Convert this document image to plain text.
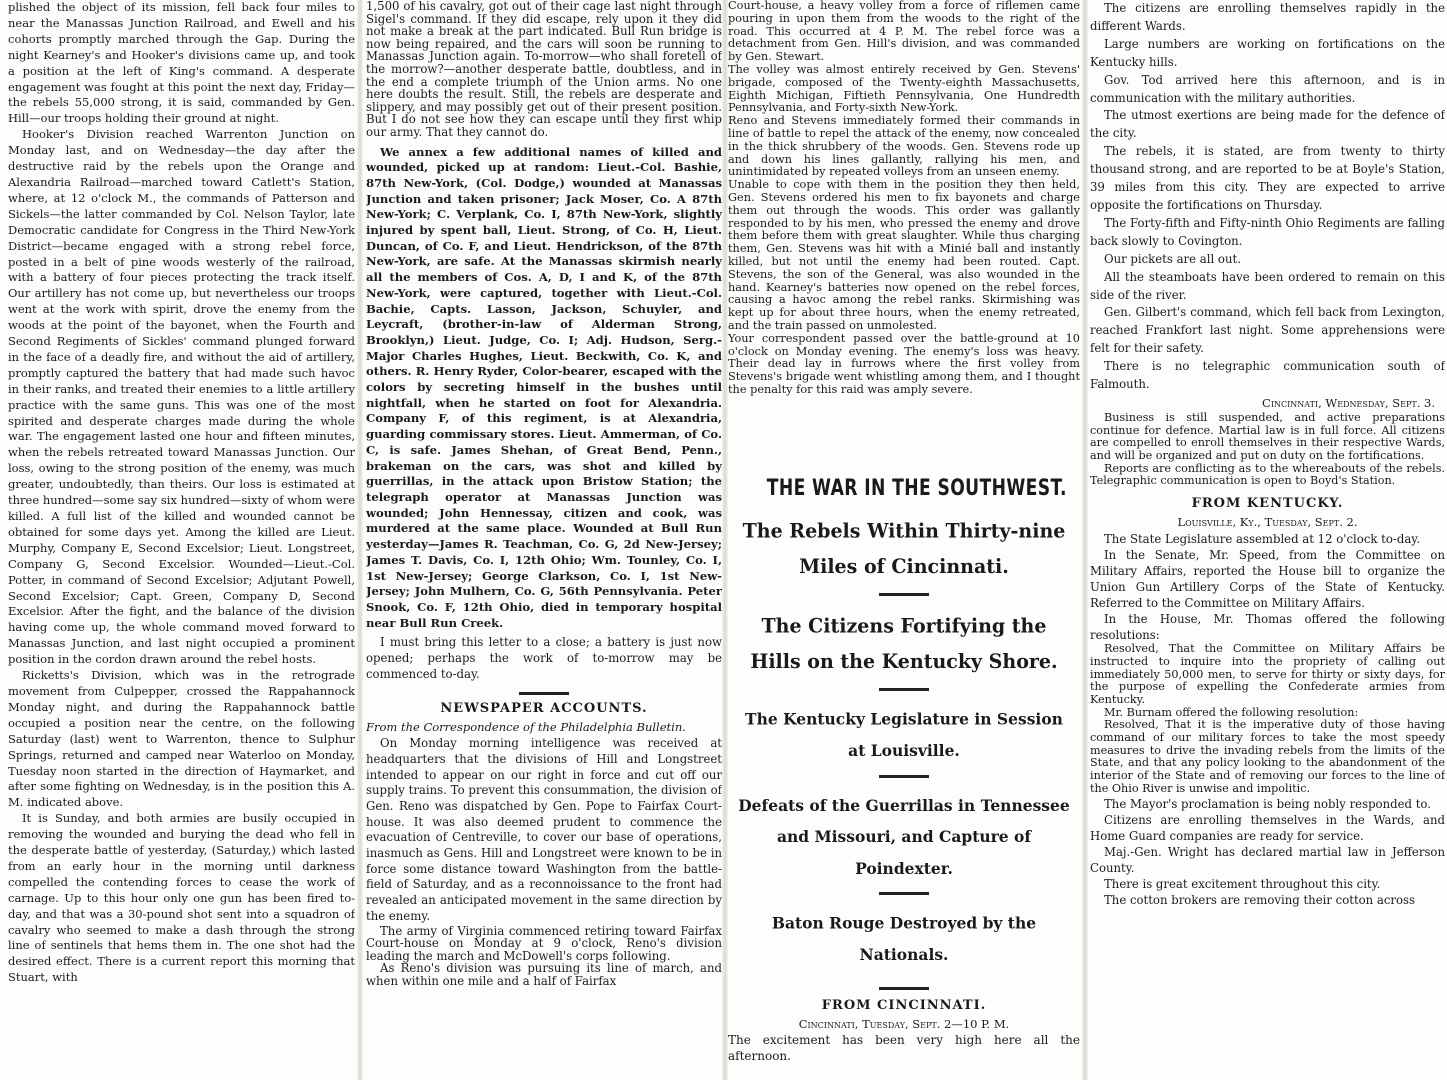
plished the object of its mission, fell back four miles to near the Manassas Junction Railroad, and Ewell and his cohorts promptly marched through the Gap. During the night Kearney's and Hooker's divisions came up, and took a position at the left of King's command. A desperate engagement was fought at this point the next day, Friday—the rebels 55,000 strong, it is said, commanded by Gen. Hill—our troops holding their ground at night.

Hooker's Division reached Warrenton Junction on Monday last, and on Wednesday—the day after the destructive raid by the rebels upon the Orange and Alexandria Railroad—marched toward Catlett's Station, where, at 12 o'clock M., the commands of Patterson and Sickels—the latter commanded by Col. Nelson Taylor, late Democratic candidate for Congress in the Third New-York District—became engaged with a strong rebel force, posted in a belt of pine woods westerly of the railroad, with a battery of four pieces protecting the track itself. Our artillery has not come up, but nevertheless our troops went at the work with spirit, drove the enemy from the woods at the point of the bayonet, when the Fourth and Second Regiments of Sickles' command plunged forward in the face of a deadly fire, and without the aid of artillery, promptly captured the battery that had made such havoc in their ranks, and treated their enemies to a little artillery practice with the same guns. This was one of the most spirited and desperate charges made during the whole war. The engagement lasted one hour and fifteen minutes, when the rebels retreated toward Manassas Junction. Our loss, owing to the strong position of the enemy, was much greater, undoubtedly, than theirs. Our loss is estimated at three hundred—some say six hundred—sixty of whom were killed. A full list of the killed and wounded cannot be obtained for some days yet. Among the killed are Lieut. Murphy, Company E, Second Excelsior; Lieut. Longstreet, Company G, Second Excelsior. Wounded—Lieut.-Col. Potter, in command of Second Excelsior; Adjutant Powell, Second Excelsior; Capt. Green, Company D, Second Excelsior. After the fight, and the balance of the division having come up, the whole command moved forward to Manassas Junction, and last night occupied a prominent position in the cordon drawn around the rebel hosts.

Ricketts's Division, which was in the retrograde movement from Culpepper, crossed the Rappahannock Monday night, and during the Rappahannock battle occupied a position near the centre, on the following Saturday (last) went to Warrenton, thence to Sulphur Springs, returned and camped near Waterloo on Monday, Tuesday noon started in the direction of Haymarket, and after some fighting on Wednesday, is in the position this A. M. indicated above.

It is Sunday, and both armies are busily occupied in removing the wounded and burying the dead who fell in the desperate battle of yesterday, (Saturday,) which lasted from an early hour in the morning until darkness compelled the contending forces to cease the work of carnage. Up to this hour only one gun has been fired to-day, and that was a 30-pound shot sent into a squadron of cavalry who seemed to make a dash through the strong line of sentinels that hems them in. The one shot had the desired effect. There is a current report this morning that Stuart, with

1,500 of his cavalry, got out of their cage last night through Sigel's command. If they did escape, rely upon it they did not make a break at the part indicated. Bull Run bridge is now being repaired, and the cars will soon be running to Manassas Junction again. To-morrow—who shall foretell of the morrow?—another desperate battle, doubtless, and in the end a complete triumph of the Union arms. No one here doubts the result. Still, the rebels are desperate and slippery, and may possibly get out of their present position. But I do not see how they can escape until they first whip our army. That they cannot do.

We annex a few additional names of killed and wounded, picked up at random: Lieut.-Col. Bashie, 87th New-York, (Col. Dodge,) wounded at Manassas Junction and taken prisoner; Jack Moser, Co. A 87th New-York; C. Verplank, Co. I, 87th New-York, slightly injured by spent ball, Lieut. Strong, of Co. H, Lieut. Duncan, of Co. F, and Lieut. Hendrickson, of the 87th New-York, are safe. At the Manassas skirmish nearly all the members of Cos. A, D, I and K, of the 87th New-York, were captured, together with Lieut.-Col. Bachie, Capts. Lasson, Jackson, Schuyler, and Leycraft, (brother-in-law of Alderman Strong, Brooklyn,) Lieut. Judge, Co. I; Adj. Hudson, Serg.-Major Charles Hughes, Lieut. Beckwith, Co. K, and others. R. Henry Ryder, Color-bearer, escaped with the colors by secreting himself in the bushes until nightfall, when he started on foot for Alexandria. Company F, of this regiment, is at Alexandria, guarding commissary stores. Lieut. Ammerman, of Co. C, is safe. James Shehan, of Great Bend, Penn., brakeman on the cars, was shot and killed by guerrillas, in the attack upon Bristow Station; the telegraph operator at Manassas Junction was wounded; John Hennessay, citizen and cook, was murdered at the same place. Wounded at Bull Run yesterday—James R. Teachman, Co. G, 2d New-Jersey; James T. Davis, Co. I, 12th Ohio; Wm. Tounley, Co. I, 1st New-Jersey; George Clarkson, Co. I, 1st New-Jersey; John Mulhern, Co. G, 56th Pennsylvania. Peter Snook, Co. F, 12th Ohio, died in temporary hospital near Bull Run Creek.

I must bring this letter to a close; a battery is just now opened; perhaps the work of to-morrow may be commenced to-day.

NEWSPAPER ACCOUNTS.

From the Correspondence of the Philadelphia Bulletin.

On Monday morning intelligence was received at headquarters that the divisions of Hill and Longstreet intended to appear on our right in force and cut off our supply trains. To prevent this consummation, the division of Gen. Reno was dispatched by Gen. Pope to Fairfax Court-house. It was also deemed prudent to commence the evacuation of Centreville, to cover our base of operations, inasmuch as Gens. Hill and Longstreet were known to be in force some distance toward Washington from the battle-field of Saturday, and as a reconnoissance to the front had revealed an anticipated movement in the same direction by the enemy.

The army of Virginia commenced retiring toward Fairfax Court-house on Monday at 9 o'clock, Reno's division leading the march and McDowell's corps following.

As Reno's division was pursuing its line of march, and when within one mile and a half of Fairfax

Court-house, a heavy volley from a force of riflemen came pouring in upon them from the woods to the right of the road. This occurred at 4 P. M. The rebel force was a detachment from Gen. Hill's division, and was commanded by Gen. Stewart.

The volley was almost entirely received by Gen. Stevens' brigade, composed of the Twenty-eighth Massachusetts, Eighth Michigan, Fiftieth Pennsylvania, One Hundredth Pennsylvania, and Forty-sixth New-York.

Reno and Stevens immediately formed their commands in line of battle to repel the attack of the enemy, now concealed in the thick shrubbery of the woods. Gen. Stevens rode up and down his lines gallantly, rallying his men, and unintimidated by repeated volleys from an unseen enemy.

Unable to cope with them in the position they then held, Gen. Stevens ordered his men to fix bayonets and charge them out through the woods. This order was gallantly responded to by his men, who pressed the enemy and drove them before them with great slaughter. While thus charging them, Gen. Stevens was hit with a Minié ball and instantly killed, but not until the enemy had been routed. Capt. Stevens, the son of the General, was also wounded in the hand. Kearney's batteries now opened on the rebel forces, causing a havoc among the rebel ranks. Skirmishing was kept up for about three hours, when the enemy retreated, and the train passed on unmolested.

Your correspondent passed over the battle-ground at 10 o'clock on Monday evening. The enemy's loss was heavy. Their dead lay in furrows where the first volley from Stevens's brigade went whistling among them, and I thought the penalty for this raid was amply severe.

THE WAR IN THE SOUTHWEST.
The Rebels Within Thirty-nine Miles of Cincinnati.
The Citizens Fortifying the Hills on the Kentucky Shore.
The Kentucky Legislature in Session at Louisville.
Defeats of the Guerrillas in Tennessee and Missouri, and Capture of Poindexter.
Baton Rouge Destroyed by the Nationals.
FROM CINCINNATI.
Cincinnati, Tuesday, Sept. 2—10 P. M.

The excitement has been very high here all the afternoon.

The citizens are enrolling themselves rapidly in the different Wards.

Large numbers are working on fortifications on the Kentucky hills.

Gov. Tod arrived here this afternoon, and is in communication with the military authorities.

The utmost exertions are being made for the defence of the city.

The rebels, it is stated, are from twenty to thirty thousand strong, and are reported to be at Boyle's Station, 39 miles from this city. They are expected to arrive opposite the fortifications on Thursday.

The Forty-fifth and Fifty-ninth Ohio Regiments are falling back slowly to Covington.

Our pickets are all out.

All the steamboats have been ordered to remain on this side of the river.

Gen. Gilbert's command, which fell back from Lexington, reached Frankfort last night. Some apprehensions were felt for their safety.

There is no telegraphic communication south of Falmouth.

Cincinnati, Wednesday, Sept. 3.

Business is still suspended, and active preparations continue for defence. Martial law is in full force. All citizens are compelled to enroll themselves in their respective Wards, and will be organized and put on duty on the fortifications.

Reports are conflicting as to the whereabouts of the rebels. Telegraphic communication is open to Boyd's Station.

FROM KENTUCKY.
Louisville, Ky., Tuesday, Sept. 2.

The State Legislature assembled at 12 o'clock to-day.

In the Senate, Mr. Speed, from the Committee on Military Affairs, reported the House bill to organize the Union Gun Artillery Corps of the State of Kentucky. Referred to the Committee on Military Affairs.

In the House, Mr. Thomas offered the following resolutions:

Resolved, That the Committee on Military Affairs be instructed to inquire into the propriety of calling out immediately 50,000 men, to serve for thirty or sixty days, for the purpose of expelling the Confederate armies from Kentucky.

Mr. Burnam offered the following resolution:

Resolved, That it is the imperative duty of those having command of our military forces to take the most speedy measures to drive the invading rebels from the limits of the State, and that any policy looking to the abandonment of the interior of the State and of removing our forces to the line of the Ohio River is unwise and impolitic.

The Mayor's proclamation is being nobly responded to.

Citizens are enrolling themselves in the Wards, and Home Guard companies are ready for service.

Maj.-Gen. Wright has declared martial law in Jefferson County.

There is great excitement throughout this city.

The cotton brokers are removing their cotton across
